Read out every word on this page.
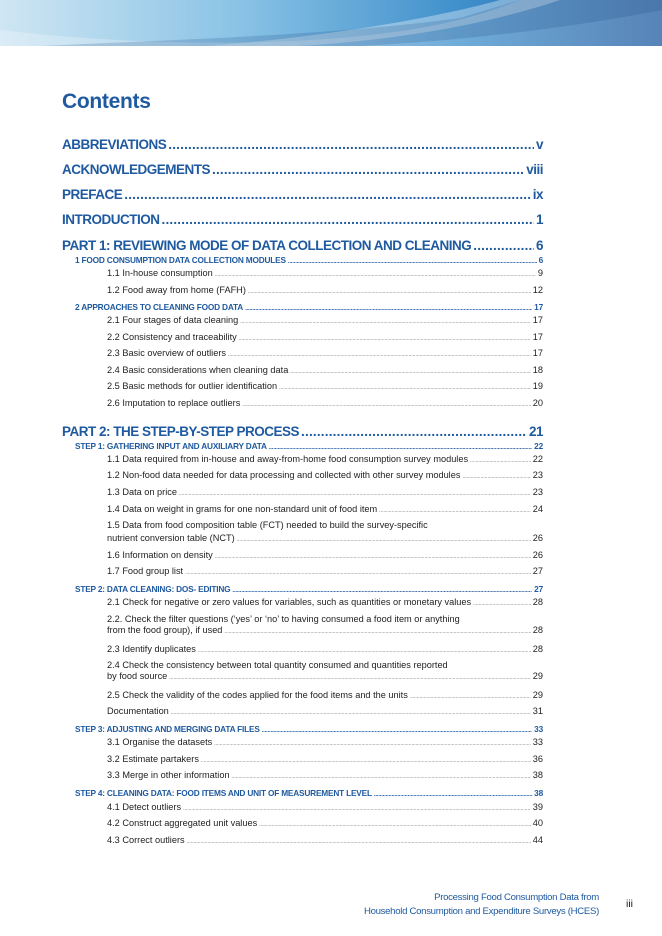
Contents
ABBREVIATIONS .....	v
ACKNOWLEDGEMENTS .....	viii
PREFACE .....	ix
INTRODUCTION .....	1
PART 1: REVIEWING MODE OF DATA COLLECTION AND CLEANING .....	6
1 FOOD CONSUMPTION DATA COLLECTION MODULES .....	6
1.1 In-house consumption .....	9
1.2 Food away from home (FAFH) .....	12
2 APPROACHES TO CLEANING FOOD DATA .....	17
2.1 Four stages of data cleaning .....	17
2.2 Consistency and traceability .....	17
2.3 Basic overview of outliers .....	17
2.4 Basic considerations when cleaning data .....	18
2.5 Basic methods for outlier identification .....	19
2.6 Imputation to replace outliers .....	20
PART 2: THE STEP-BY-STEP PROCESS .....	21
STEP 1: GATHERING INPUT AND AUXILIARY DATA .....	22
1.1 Data required from in-house and away-from-home food consumption survey modules .....	22
1.2 Non-food data needed for data processing and collected with other survey modules .....	23
1.3 Data on price .....	23
1.4 Data on weight in grams for one non-standard unit of food item .....	24
1.5 Data from food composition table (FCT) needed to build the survey-specific
nutrient conversion table (NCT) .....	26
1.6 Information on density .....	26
1.7 Food group list .....	27
STEP 2: DATA CLEANING: DOS- EDITING .....	27
2.1 Check for negative or zero values for variables, such as quantities or monetary values .....	28
2.2. Check the filter questions (‘yes’ or ‘no’ to having consumed a food item or anything
from the food group), if used .....	28
2.3 Identify duplicates .....	28
2.4 Check the consistency between total quantity consumed and quantities reported
by food source .....	29
2.5 Check the validity of the codes applied for the food items and the units .....	29
Documentation .....	31
STEP 3: ADJUSTING AND MERGING DATA FILES .....	33
3.1 Organise the datasets .....	33
3.2 Estimate partakers .....	36
3.3 Merge in other information .....	38
STEP 4: CLEANING DATA: FOOD ITEMS AND UNIT OF MEASUREMENT LEVEL .....	38
4.1 Detect outliers .....	39
4.2 Construct aggregated unit values .....	40
4.3 Correct outliers .....	44
Processing Food Consumption Data from
Household Consumption and Expenditure Surveys (HCES)
iii
